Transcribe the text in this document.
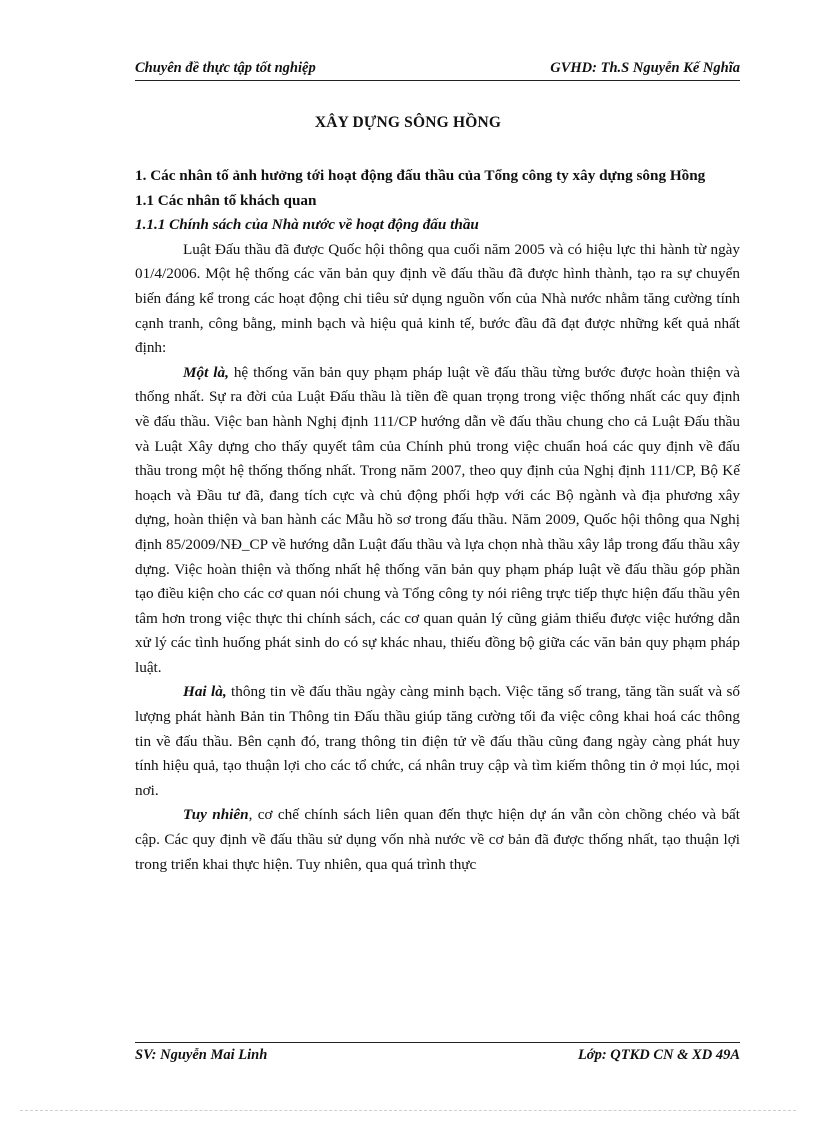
Chuyên đề thực tập tốt nghiệp	GVHD: Th.S Nguyễn Kế Nghĩa
XÂY DỰNG SÔNG HỒNG

1. Các nhân tố ảnh hưởng tới hoạt động đấu thầu của Tổng công ty xây dựng sông Hồng

1.1 Các nhân tố khách quan

1.1.1 Chính sách của Nhà nước về hoạt động đấu thầu

Luật Đấu thầu đã được Quốc hội thông qua cuối năm 2005 và có hiệu lực thi hành từ ngày 01/4/2006. Một hệ thống các văn bản quy định về đấu thầu đã được hình thành, tạo ra sự chuyển biến đáng kể trong các hoạt động chi tiêu sử dụng nguồn vốn của Nhà nước nhằm tăng cường tính cạnh tranh, công bằng, minh bạch và hiệu quả kinh tế, bước đầu đã đạt được những kết quả nhất định:

Một là, hệ thống văn bản quy phạm pháp luật về đấu thầu từng bước được hoàn thiện và thống nhất. Sự ra đời của Luật Đấu thầu là tiền đề quan trọng trong việc thống nhất các quy định về đấu thầu. Việc ban hành Nghị định 111/CP hướng dẫn về đấu thầu chung cho cả Luật Đấu thầu và Luật Xây dựng cho thấy quyết tâm của Chính phủ trong việc chuẩn hoá các quy định về đấu thầu trong một hệ thống thống nhất. Trong năm 2007, theo quy định của Nghị định 111/CP, Bộ Kế hoạch và Đầu tư đã, đang tích cực và chủ động phối hợp với các Bộ ngành và địa phương xây dựng, hoàn thiện và ban hành các Mẫu hồ sơ trong đấu thầu. Năm 2009, Quốc hội thông qua Nghị định 85/2009/NĐ_CP về hướng dẫn Luật đấu thầu và lựa chọn nhà thầu xây lắp trong đấu thầu xây dựng. Việc hoàn thiện và thống nhất hệ thống văn bản quy phạm pháp luật về đấu thầu góp phần tạo điều kiện cho các cơ quan nói chung và Tổng công ty nói riêng trực tiếp thực hiện đấu thầu yên tâm hơn trong việc thực thi chính sách, các cơ quan quản lý cũng giảm thiểu được việc hướng dẫn xử lý các tình huống phát sinh do có sự khác nhau, thiếu đồng bộ giữa các văn bản quy phạm pháp luật.

Hai là, thông tin về đấu thầu ngày càng minh bạch. Việc tăng số trang, tăng tần suất và số lượng phát hành Bản tin Thông tin Đấu thầu giúp tăng cường tối đa việc công khai hoá các thông tin về đấu thầu. Bên cạnh đó, trang thông tin điện tử về đấu thầu cũng đang ngày càng phát huy tính hiệu quả, tạo thuận lợi cho các tổ chức, cá nhân truy cập và tìm kiếm thông tin ở mọi lúc, mọi nơi.

Tuy nhiên, cơ chế chính sách liên quan đến thực hiện dự án vẫn còn chồng chéo và bất cập. Các quy định về đấu thầu sử dụng vốn nhà nước về cơ bản đã được thống nhất, tạo thuận lợi trong triển khai thực hiện. Tuy nhiên, qua quá trình thực

SV: Nguyễn Mai Linh	Lớp: QTKD CN & XD 49A
